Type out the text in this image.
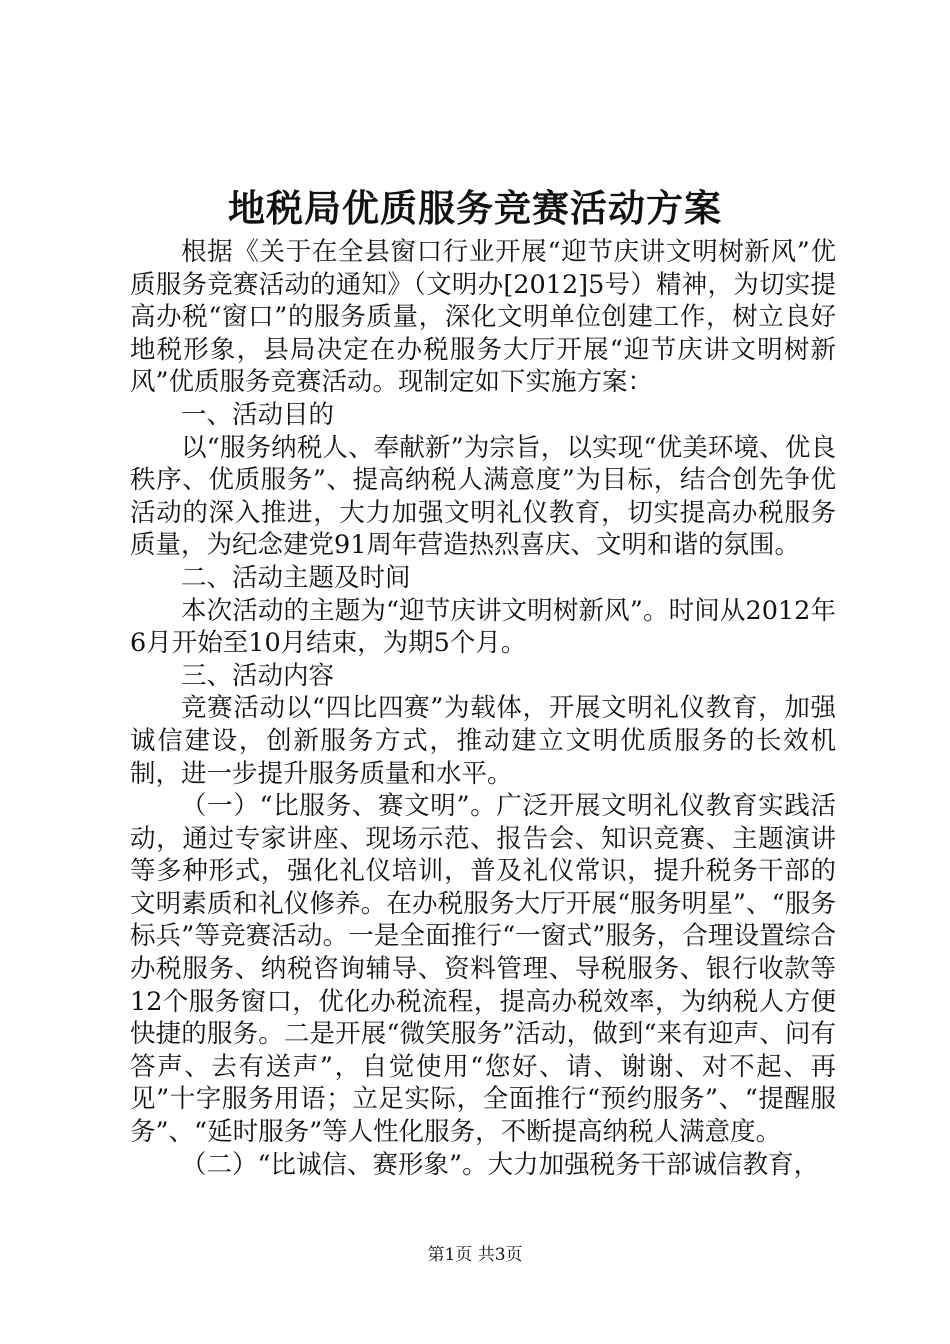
地税局优质服务竞赛活动方案

根据《关于在全县窗口行业开展“迎节庆讲文明树新风”优质服务竞赛活动的通知》（文明办[2012]5号）精神，为切实提高办税“窗口”的服务质量，深化文明单位创建工作，树立良好地税形象，县局决定在办税服务大厅开展“迎节庆讲文明树新风”优质服务竞赛活动。现制定如下实施方案：

一、活动目的

以“服务纳税人、奉献新”为宗旨，以实现“优美环境、优良秩序、优质服务”、提高纳税人满意度”为目标，结合创先争优活动的深入推进，大力加强文明礼仪教育，切实提高办税服务质量，为纪念建党91周年营造热烈喜庆、文明和谐的氛围。

二、活动主题及时间

本次活动的主题为“迎节庆讲文明树新风”。时间从2012年6月开始至10月结束，为期5个月。

三、活动内容

竞赛活动以“四比四赛”为载体，开展文明礼仪教育，加强诚信建设，创新服务方式，推动建立文明优质服务的长效机制，进一步提升服务质量和水平。

（一）“比服务、赛文明”。广泛开展文明礼仪教育实践活动，通过专家讲座、现场示范、报告会、知识竞赛、主题演讲等多种形式，强化礼仪培训，普及礼仪常识，提升税务干部的文明素质和礼仪修养。在办税服务大厅开展“服务明星”、“服务标兵”等竞赛活动。一是全面推行“一窗式”服务，合理设置综合办税服务、纳税咨询辅导、资料管理、导税服务、银行收款等12个服务窗口，优化办税流程，提高办税效率，为纳税人方便快捷的服务。二是开展“微笑服务”活动，做到“来有迎声、问有答声、去有送声”，自觉使用“您好、请、谢谢、对不起、再见”十字服务用语；立足实际，全面推行“预约服务”、“提醒服务”、“延时服务”等人性化服务，不断提高纳税人满意度。

（二）“比诚信、赛形象”。大力加强税务干部诚信教育，

第1页 共3页
